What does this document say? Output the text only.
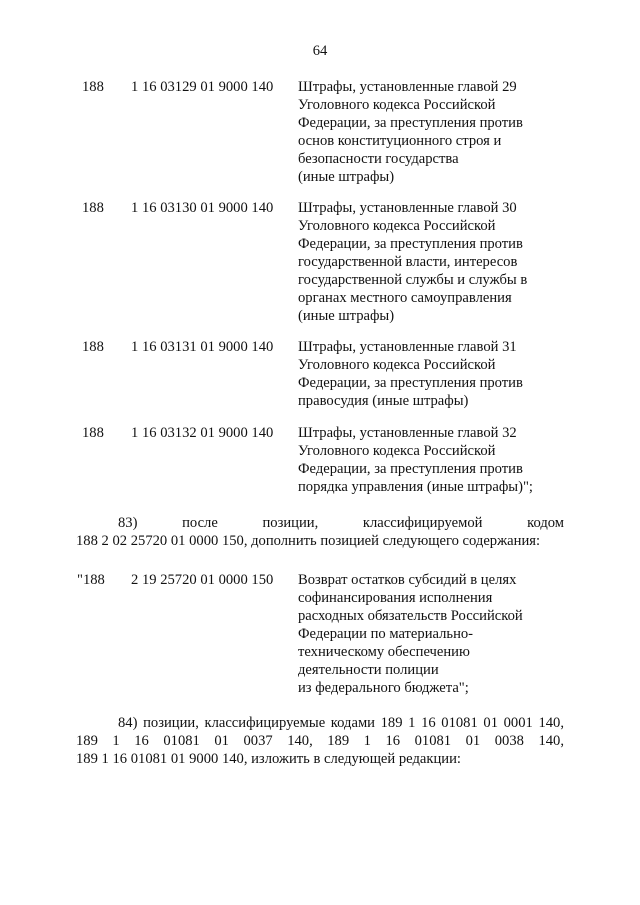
64
188 1 16 03129 01 9000 140 Штрафы, установленные главой 29
Уголовного кодекса Российской
Федерации, за преступления против
основ конституционного строя и
безопасности государства
(иные штрафы)
188 1 16 03130 01 9000 140 Штрафы, установленные главой 30
Уголовного кодекса Российской
Федерации, за преступления против
государственной власти, интересов
государственной службы и службы в
органах местного самоуправления
(иные штрафы)
188 1 16 03131 01 9000 140 Штрафы, установленные главой 31
Уголовного кодекса Российской
Федерации, за преступления против
правосудия (иные штрафы)
188 1 16 03132 01 9000 140 Штрафы, установленные главой 32
Уголовного кодекса Российской
Федерации, за преступления против
порядка управления (иные штрафы)";
83) после позиции, классифицируемой кодом
188 2 02 25720 01 0000 150, дополнить позицией следующего содержания:
"188 2 19 25720 01 0000 150 Возврат остатков субсидий в целях
софинансирования исполнения
расходных обязательств Российской
Федерации по материально-
техническому обеспечению
деятельности полиции
из федерального бюджета";
84) позиции, классифицируемые кодами 189 1 16 01081 01 0001 140,
189 1 16 01081 01 0037 140, 189 1 16 01081 01 0038 140,
189 1 16 01081 01 9000 140, изложить в следующей редакции:
